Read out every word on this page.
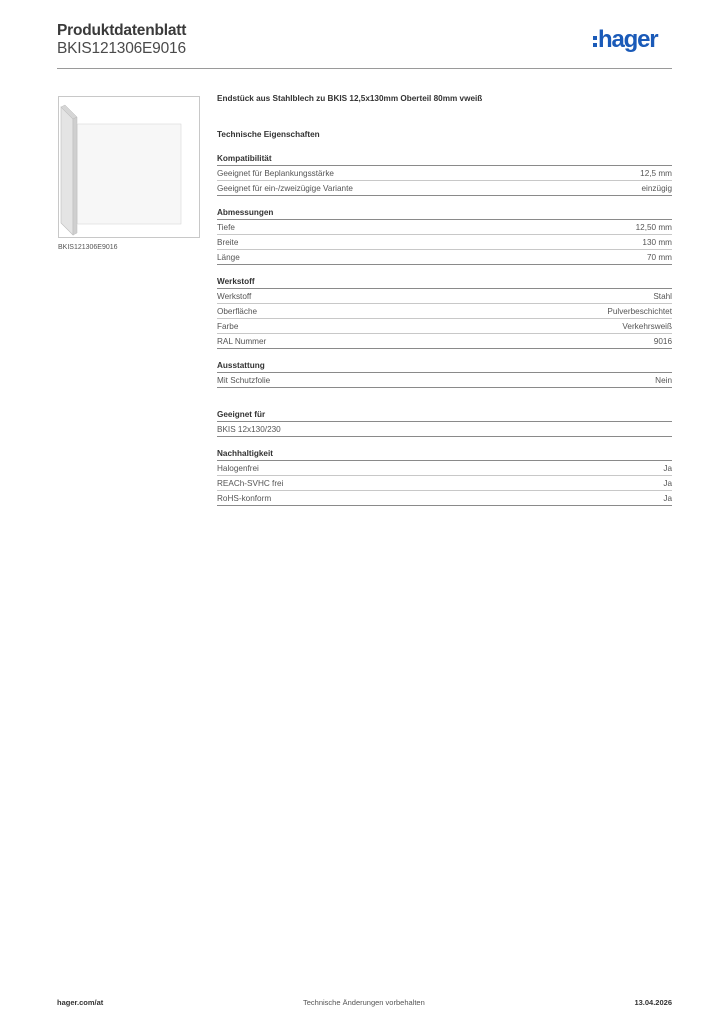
Produktdatenblatt
BKIS121306E9016	hager
BKIS121306E9016
Endstück aus Stahlblech zu BKIS 12,5x130mm Oberteil 80mm vweiß
Technische Eigenschaften
Kompatibilität
Geeignet für Beplankungsstärke	12,5 mm
Geeignet für ein-/zweizügige Variante	einzügig
Abmessungen
Tiefe	12,50 mm
Breite	130 mm
Länge	70 mm
Werkstoff
Werkstoff	Stahl
Oberfläche	Pulverbeschichtet
Farbe	Verkehrsweiß
RAL Nummer	9016
Ausstattung
Mit Schutzfolie	Nein
Geeignet für
BKIS 12x130/230
Nachhaltigkeit
Halogenfrei	Ja
REACh-SVHC frei	Ja
RoHS-konform	Ja
hager.com/at	Technische Änderungen vorbehalten	13.04.2026
